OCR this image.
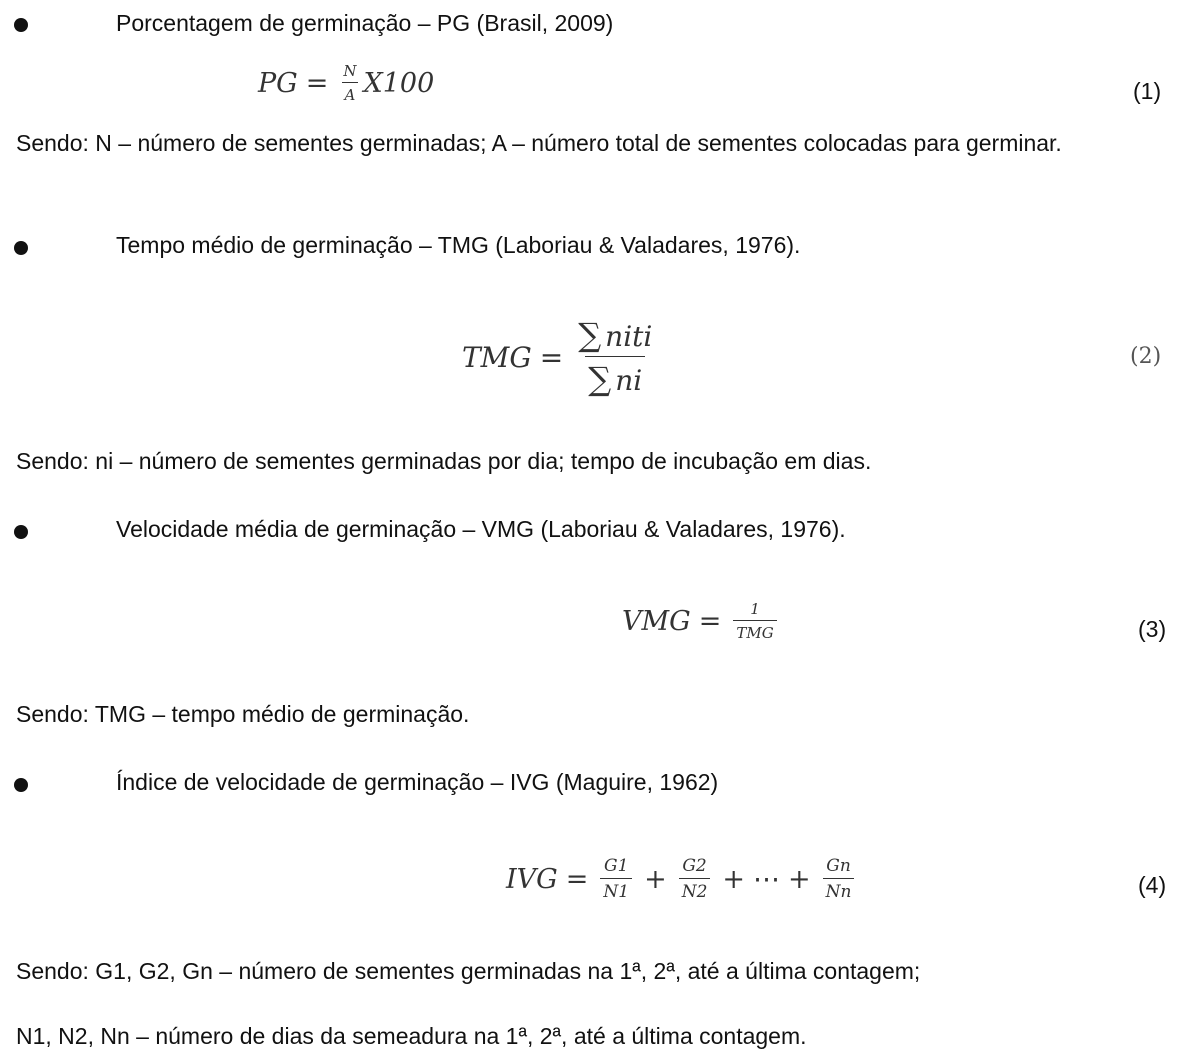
Porcentagem de germinação – PG (Brasil, 2009)
PG = $\frac{N}{A} X100$	(1)
Sendo: N – número de sementes germinadas; A – número total de sementes colocadas para germinar.
Tempo médio de germinação – TMG (Laboriau & Valadares, 1976).
TMG = $\frac{\text{∑ niti}}{\sum ni}$	(2)
Sendo: ni – número de sementes germinadas por dia; tempo de incubação em dias.
Velocidade média de germinação – VMG (Laboriau & Valadares, 1976).
VMG = $\frac{1}{\text{TMG}}$	(3)
Sendo: TMG – tempo médio de germinação.
Índice de velocidade de germinação – IVG (Maguire, 1962)
IVG = $\frac{G1}{N1} + \frac{G2}{N2}$ + ⋯ + $\frac{Gn}{Nn}$	(4)
Sendo: G1, G2, Gn – número de sementes germinadas na 1ª, 2ª, até a última contagem;
N1, N2, Nn – número de dias da semeadura na 1ª, 2ª, até a última contagem.
